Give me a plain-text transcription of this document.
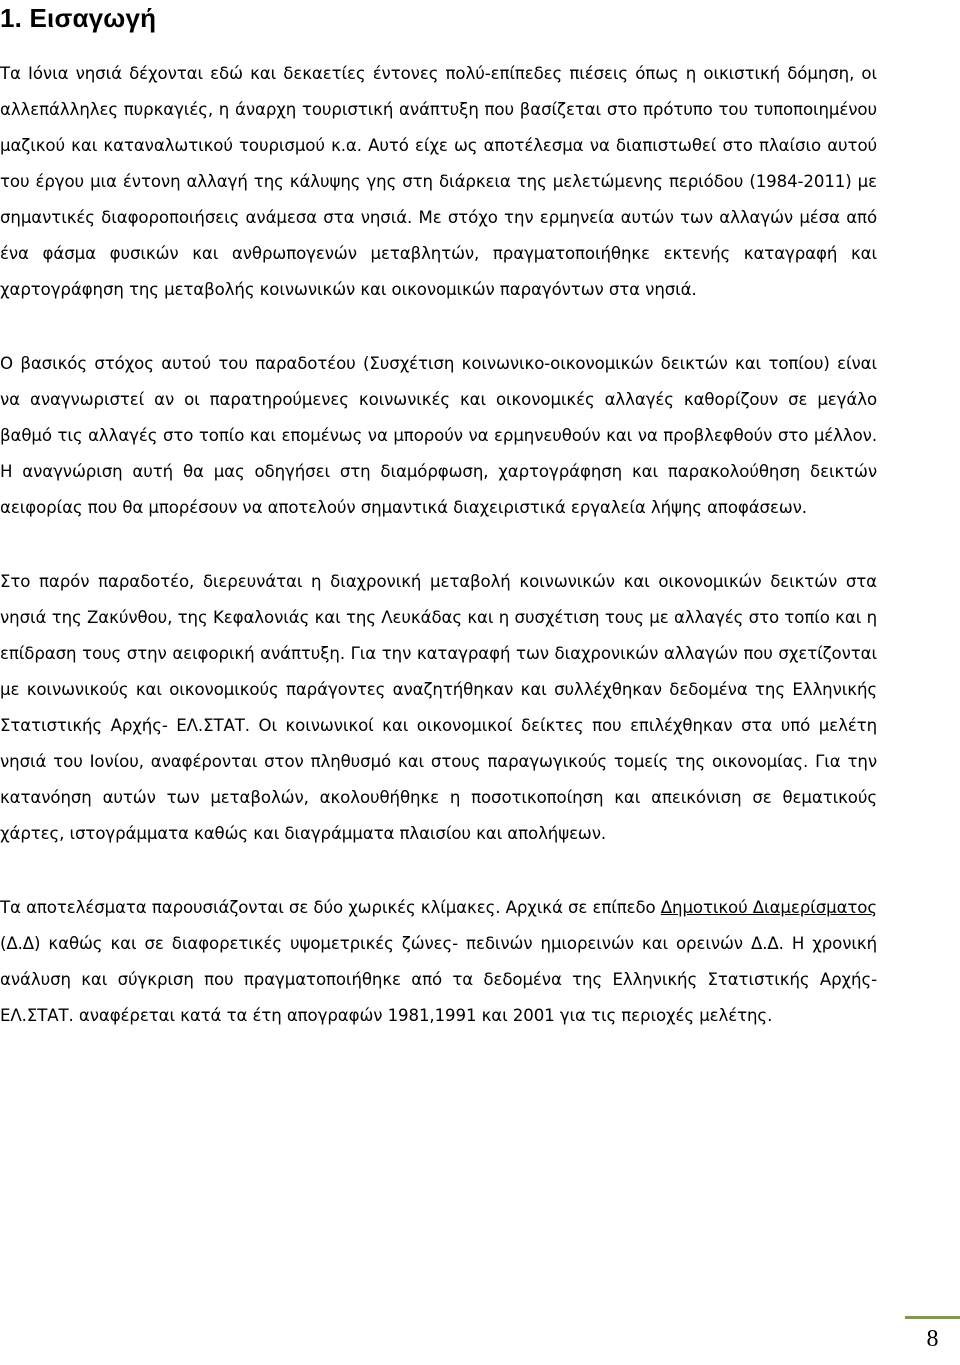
1. Εισαγωγή

Τα Ιόνια νησιά δέχονται εδώ και δεκαετίες έντονες πολύ-επίπεδες πιέσεις όπως η οικιστική δόμηση, οι αλλεπάλληλες πυρκαγιές, η άναρχη τουριστική ανάπτυξη που βασίζεται στο πρότυπο του τυποποιημένου μαζικού και καταναλωτικού τουρισμού κ.α. Αυτό είχε ως αποτέλεσμα να διαπιστωθεί στο πλαίσιο αυτού του έργου μια έντονη αλλαγή της κάλυψης γης στη διάρκεια της μελετώμενης περιόδου (1984-2011) με σημαντικές διαφοροποιήσεις ανάμεσα στα νησιά. Με στόχο την ερμηνεία αυτών των αλλαγών μέσα από ένα φάσμα φυσικών και ανθρωπογενών μεταβλητών, πραγματοποιήθηκε εκτενής καταγραφή και χαρτογράφηση της μεταβολής κοινωνικών και οικονομικών παραγόντων στα νησιά.

Ο βασικός στόχος αυτού του παραδοτέου (Συσχέτιση κοινωνικο-οικονομικών δεικτών και τοπίου) είναι να αναγνωριστεί αν οι παρατηρούμενες κοινωνικές και οικονομικές αλλαγές καθορίζουν σε μεγάλο βαθμό τις αλλαγές στο τοπίο και επομένως να μπορούν να ερμηνευθούν και να προβλεφθούν στο μέλλον. Η αναγνώριση αυτή θα μας οδηγήσει στη διαμόρφωση, χαρτογράφηση και παρακολούθηση δεικτών αειφορίας που θα μπορέσουν να αποτελούν σημαντικά διαχειριστικά εργαλεία λήψης αποφάσεων.

Στο παρόν παραδοτέο, διερευνάται η διαχρονική μεταβολή κοινωνικών και οικονομικών δεικτών στα νησιά της Ζακύνθου, της Κεφαλονιάς και της Λευκάδας και η συσχέτιση τους με αλλαγές στο τοπίο και η επίδραση τους στην αειφορική ανάπτυξη. Για την καταγραφή των διαχρονικών αλλαγών που σχετίζονται με κοινωνικούς και οικονομικούς παράγοντες αναζητήθηκαν και συλλέχθηκαν δεδομένα της Ελληνικής Στατιστικής Αρχής- ΕΛ.ΣΤΑΤ. Οι κοινωνικοί και οικονομικοί δείκτες που επιλέχθηκαν στα υπό μελέτη νησιά του Ιονίου, αναφέρονται στον πληθυσμό και στους παραγωγικούς τομείς της οικονομίας. Για την κατανόηση αυτών των μεταβολών, ακολουθήθηκε η ποσοτικοποίηση και απεικόνιση σε θεματικούς χάρτες, ιστογράμματα καθώς και διαγράμματα πλαισίου και απολήψεων.

Τα αποτελέσματα παρουσιάζονται σε δύο χωρικές κλίμακες. Αρχικά σε επίπεδο Δημοτικού Διαμερίσματος (Δ.Δ) καθώς και σε διαφορετικές υψομετρικές ζώνες- πεδινών ημιορεινών και ορεινών Δ.Δ. Η χρονική ανάλυση και σύγκριση που πραγματοποιήθηκε από τα δεδομένα της Ελληνικής Στατιστικής Αρχής- ΕΛ.ΣΤΑΤ. αναφέρεται κατά τα έτη απογραφών 1981,1991 και 2001 για τις περιοχές μελέτης.

8
